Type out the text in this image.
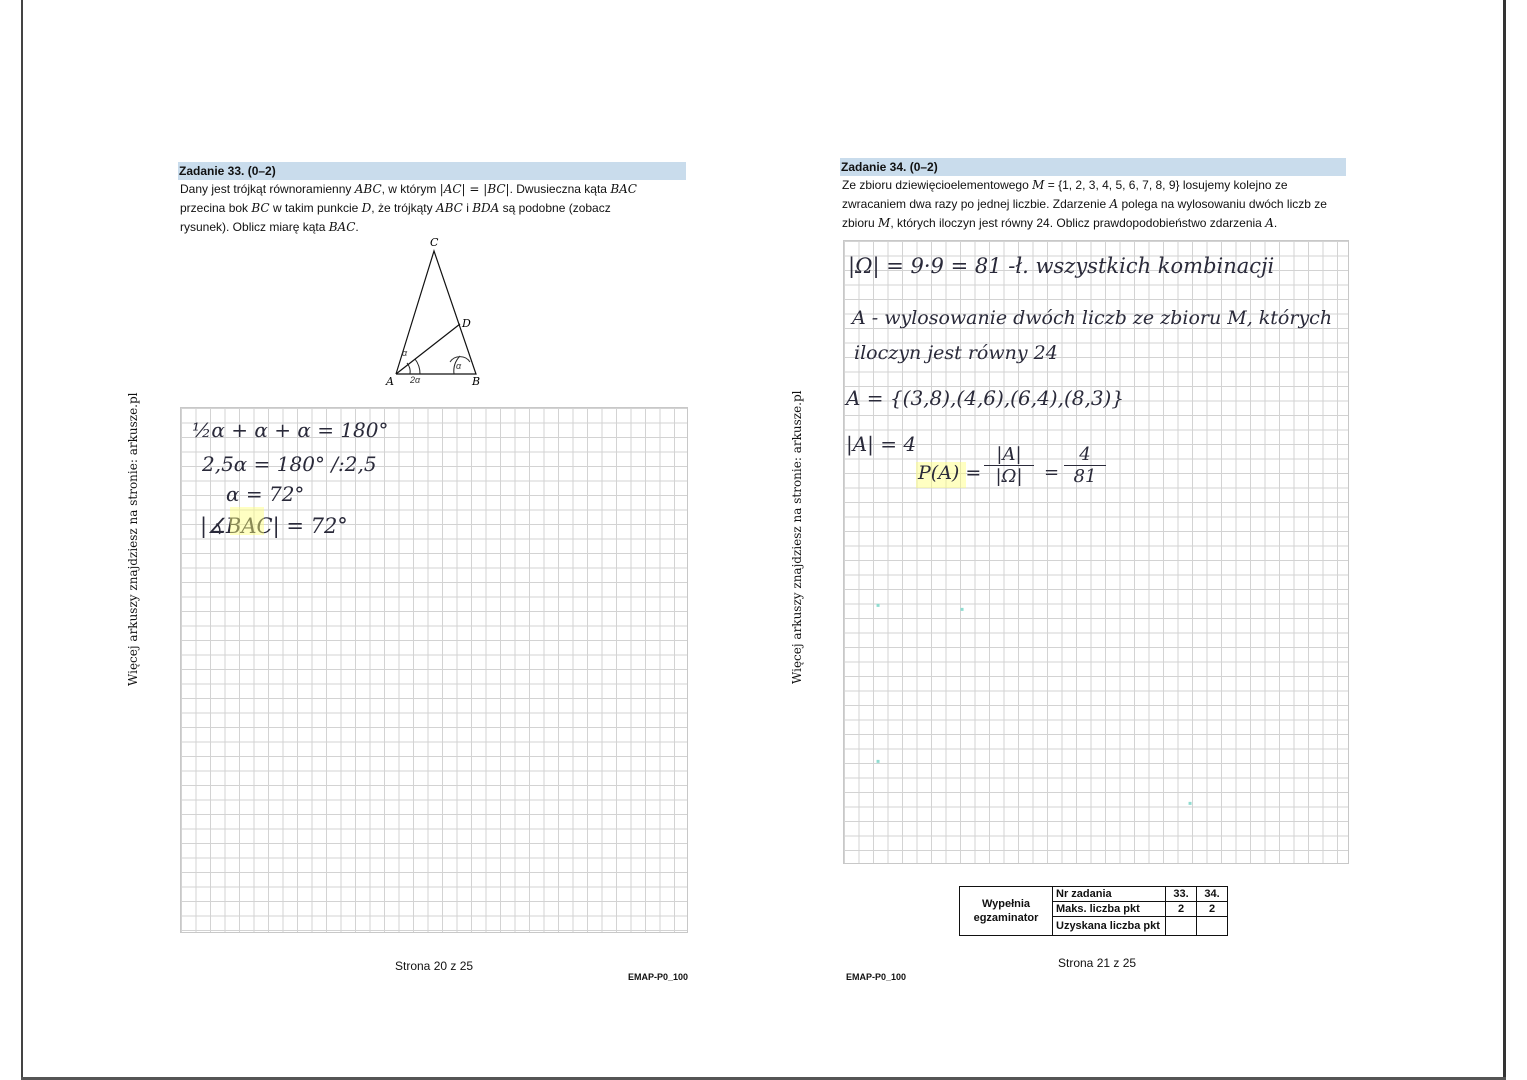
Więcej arkuszy znajdziesz na stronie: arkusze.pl
Zadanie 33. (0–2)
Dany jest trójkąt równoramienny ABC, w którym |AC| = |BC|. Dwusieczna kąta BAC
przecina bok BC w takim punkcie D, że trójkąty ABC i BDA są podobne (zobacz
rysunek). Oblicz miarę kąta BAC.
C
D
A	B
α
α
2α
½α + α + α = 180°
2,5α = 180° /:2,5
α = 72°
|∡BAC| = 72°
Strona 20 z 25
EMAP-P0_100
Więcej arkuszy znajdziesz na stronie: arkusze.pl
Zadanie 34. (0–2)
Ze zbioru dziewięcioelementowego M = {1, 2, 3, 4, 5, 6, 7, 8, 9} losujemy kolejno ze
zwracaniem dwa razy po jednej liczbie. Zdarzenie A polega na wylosowaniu dwóch liczb ze
zbioru M, których iloczyn jest równy 24. Oblicz prawdopodobieństwo zdarzenia A.
|Ω| = 9·9 = 81 -ł. wszystkich kombinacji
A - wylosowanie dwóch liczb ze zbioru M, których
iloczyn jest równy 24
A = {(3,8),(4,6),(6,4),(8,3)}
|A| = 4
P(A) =
|A|
|Ω|	=
4
81
▪	▪
▪
▪
Wypełnia egzaminator	Nr zadania	33.	34.
	Maks. liczba pkt	2	2
	Uzyskana liczba pkt		
Strona 21 z 25
EMAP-P0_100
